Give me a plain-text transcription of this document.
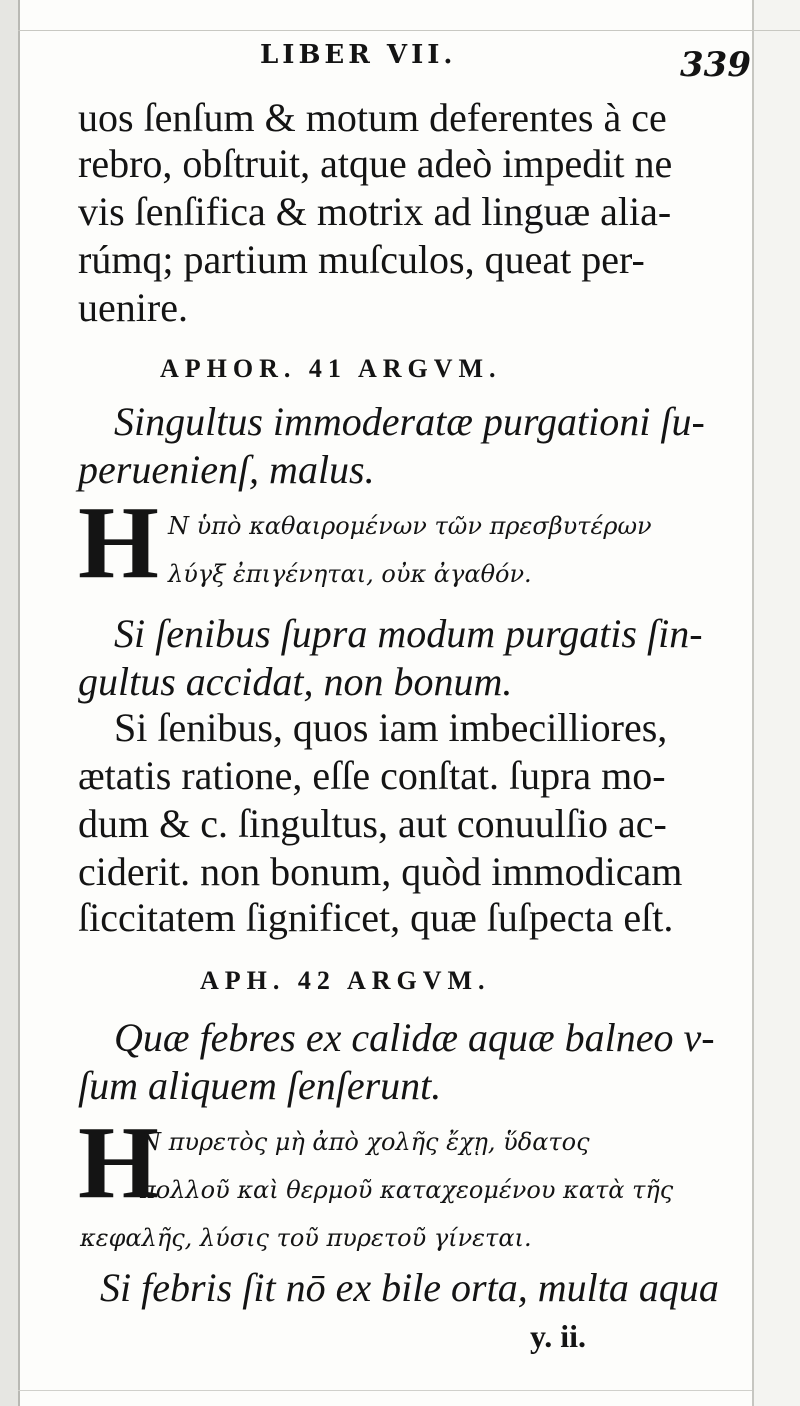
LIBER VII.	339
uos ſenſum & motum deferentes à ce
rebro, obſtruit, atque adeò impedit ne
vis ſenſifica & motrix ad linguæ alia-
rúmq; partium muſculos, queat per-
uenire.
APHOR. 41 ARGVM.
Singultus immoderatæ purgationi ſu-
peruenienſ, malus.
H Ν ὑπὸ καθαιρομένων τῶν πρεσβυτέρων
λύγξ ἐπιγένηται, οὐκ ἀγαθόν.
Si ſenibus ſupra modum purgatis ſin-
gultus accidat, non bonum.
Si ſenibus, quos iam imbecilliores,
ætatis ratione, eſſe conſtat. ſupra mo-
dum & c. ſingultus, aut conuulſio ac-
ciderit. non bonum, quòd immodicam
ſiccitatem ſignificet, quæ ſuſpecta eſt.
APH. 42 ARGVM.
Quæ febres ex calidæ aquæ balneo v-
ſum aliquem ſenſerunt.
H
Ν πυρετὸς μὴ ἀπὸ χολῆς ἔχῃ, ὕδατος
πολλοῦ καὶ θερμοῦ καταχεομένου κατὰ τῆς
κεφαλῆς, λύσις τοῦ πυρετοῦ γίνεται.
Si febris ſit nō ex bile orta, multa aqua
y. ii.
